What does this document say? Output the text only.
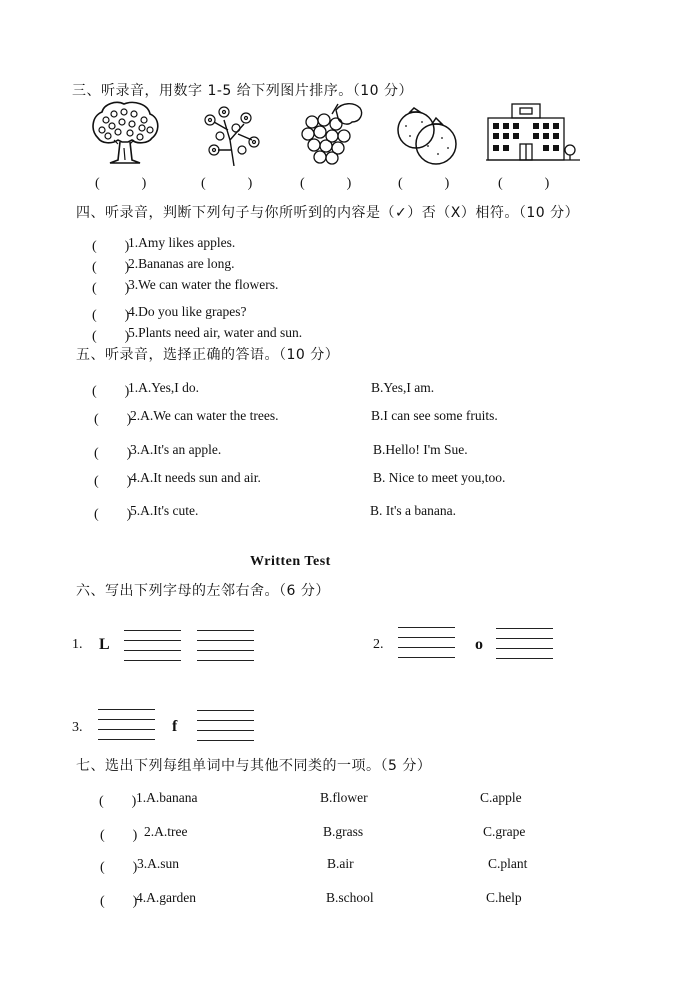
三、听录音，用数字 1-5 给下列图片排序。（10 分）
(　　　)	(　　　)	(　　　)	(　　　)	(　　　)
四、听录音，判断下列句子与你所听到的内容是（✓）否（X）相符。（10 分）
(　　)
1.Amy likes apples.
(　　)
2.Bananas are long.
(　　)
3.We can water the flowers.
(　　)
4.Do you like grapes?
(　　)
5.Plants need air, water and sun.
五、听录音，选择正确的答语。（10 分）
(　　)
1.A.Yes,I do.	B.Yes,I am.
(　　)
2.A.We can water the trees.	B.I can see some fruits.
(　　)
3.A.It's an apple.	B.Hello! I'm Sue.
(　　)
4.A.It needs sun and air.	B. Nice to meet you,too.
(　　)
5.A.It's cute.	B. It's a banana.
Written Test
六、写出下列字母的左邻右舍。（6 分）
1. L	2.	o
3.	f
七、选出下列每组单词中与其他不同类的一项。（5 分）
(　　) 1.A.banana	B.flower	C.apple
(　　) 2.A.tree	B.grass	C.grape
(　　) 3.A.sun	B.air	C.plant
(　　)
4.A.garden	B.school	C.help
